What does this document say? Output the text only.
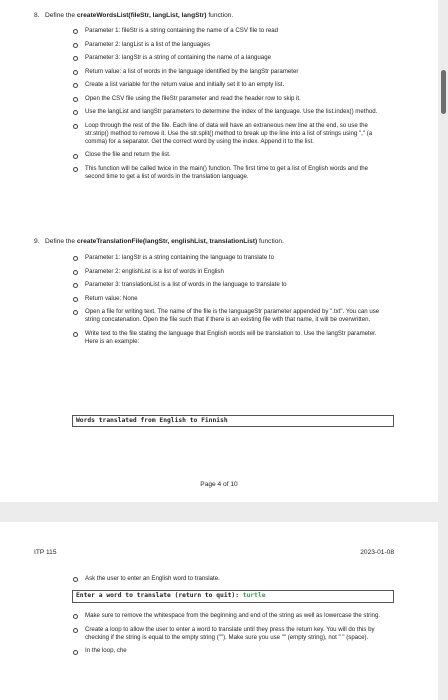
8. Define the createWordsList(fileStr, langList, langStr) function.
Parameter 1: fileStr is a string containing the name of a CSV file to read
Parameter 2: langList is a list of the languages
Parameter 3: langStr is a string of containing the name of a language
Return value: a list of words in the language identified by the langStr parameter
Create a list variable for the return value and initially set it to an empty list.
Open the CSV file using the fileStr parameter and read the header row to skip it.
Use the langList and langStr parameters to determine the index of the language. Use the list.index() method.
Loop through the rest of the file. Each line of data will have an extraneous new line at the end, so use the str.strip() method to remove it. Use the str.split() method to break up the line into a list of strings using "," (a comma) for a separator. Get the correct word by using the index. Append it to the list.
Close the file and return the list.
This function will be called twice in the main() function. The first time to get a list of English words and the second time to get a list of words in the translation language.
9. Define the createTranslationFile(langStr, englishList, translationList) function.
Parameter 1: langStr is a string containing the language to translate to
Parameter 2: englishList is a list of words in English
Parameter 3: translationList is a list of words in the language to translate to
Return value: None
Open a file for writing text. The name of the file is the languageStr parameter appended by ".txt". You can use string concatenation. Open the file such that if there is an existing file with that name, it will be overwritten.
Write text to the file stating the language that English words will be translation to. Use the langStr parameter. Here is an example:
Words translated from English to Finnish
Page 4 of 10
ITP 115	2023-01-08
Ask the user to enter an English word to translate.
Enter a word to translate (return to quit): turtle
Make sure to remove the whitespace from the beginning and end of the string as well as lowercase the string.
Create a loop to allow the user to enter a word to translate until they press the return key. You will do this by checking if the string is equal to the empty string (""). Make sure you use "" (empty string), not " " (space).
In the loop, che
